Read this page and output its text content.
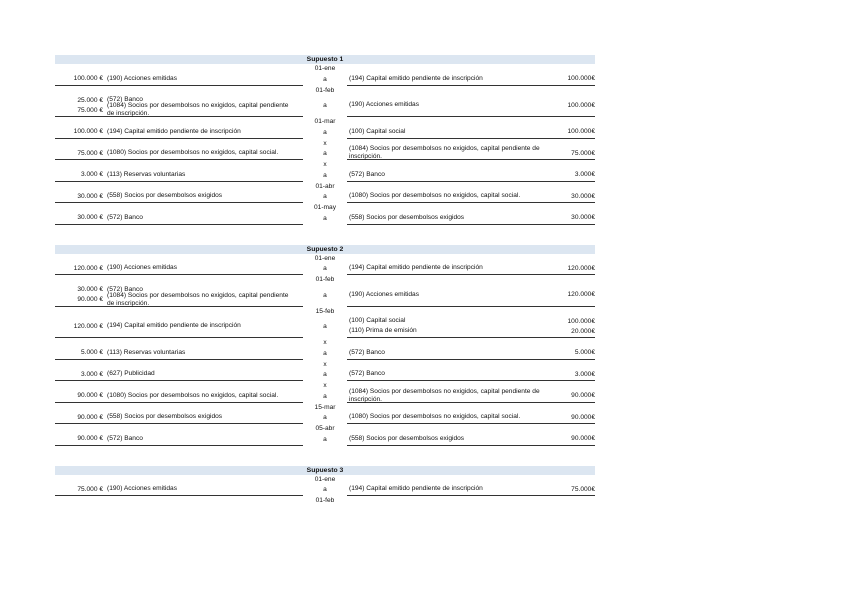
Supuesto 1
01-ene
100.000 € (190) Acciones emitidas	a	(194) Capital emitido pendiente de inscripción	100.000€
01-feb
25.000 € (572) Banco
75.000 €
(1084) Socios por desembolsos no exigidos, capital pendiente de inscripción.
a	(190) Acciones emitidas	100.000€
01-mar
100.000 € (194) Capital emitido pendiente de inscripción	a	(100) Capital social	100.000€
x
75.000 € (1080) Socios por desembolsos no exigidos, capital social.	a
(1084) Socios por desembolsos no exigidos, capital pendiente de inscripción.	75.000€
x
3.000 € (113) Reservas voluntarias	a	(572) Banco	3.000€
01-abr
30.000 € (558) Socios por desembolsos exigidos	a	(1080) Socios por desembolsos no exigidos, capital social.	30.000€
01-may
30.000 € (572) Banco	a	(558) Socios por desembolsos exigidos	30.000€
Supuesto 2
01-ene
120.000 € (190) Acciones emitidas	a	(194) Capital emitido pendiente de inscripción	120.000€
01-feb
30.000 € (572) Banco
90.000 €
(1084) Socios por desembolsos no exigidos, capital pendiente de inscripción.
a	(190) Acciones emitidas	120.000€
15-feb
120.000 € (194) Capital emitido pendiente de inscripción	a
(100) Capital social	100.000€
(110) Prima de emisión	20.000€
x
5.000 € (113) Reservas voluntarias	a	(572) Banco	5.000€
x
3.000 € (627) Publicidad	a	(572) Banco	3.000€
x
90.000 € (1080) Socios por desembolsos no exigidos, capital social.	a
(1084) Socios por desembolsos no exigidos, capital pendiente de inscripción.	90.000€
15-mar
90.000 € (558) Socios por desembolsos exigidos	a	(1080) Socios por desembolsos no exigidos, capital social.	90.000€
05-abr
90.000 € (572) Banco	a	(558) Socios por desembolsos exigidos	90.000€
Supuesto 3
01-ene
75.000 € (190) Acciones emitidas	a	(194) Capital emitido pendiente de inscripción	75.000€
01-feb
